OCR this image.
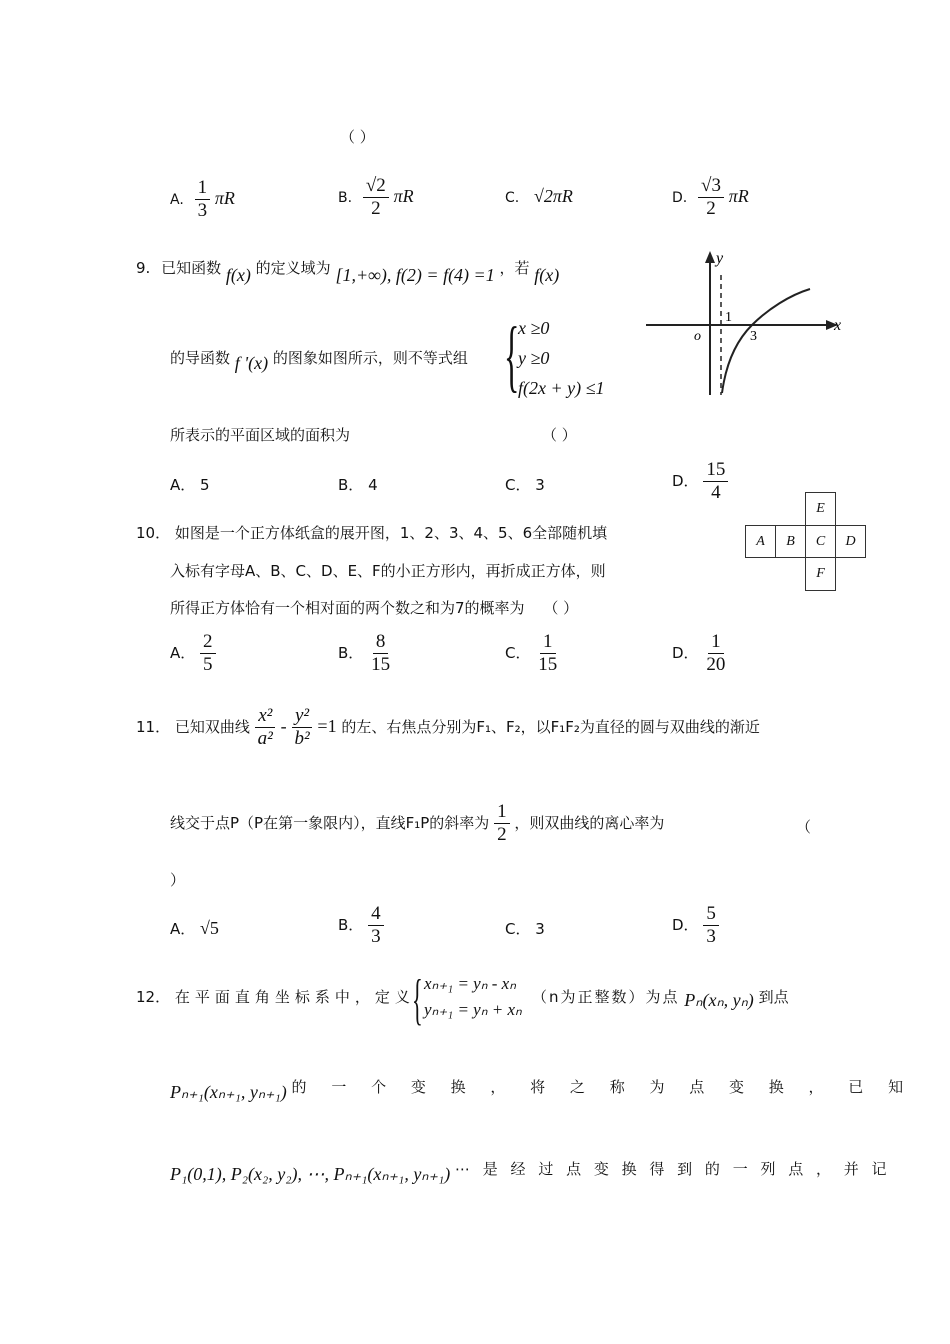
（ ）
A. $\frac{1}{3}$ πR	B. $\frac{√2}{2}$ πR	C. √2πR	D. $\frac{√3}{2}$ πR
9. 已知函数 f(x) 的定义域为 [1,+∞), f(2) = f(4) =1 ，若 f(x)
的导函数 f '(x) 的图象如图所示，则不等式组 {
x ≥0
y ≥0
f(2x + y) ≤1
所表示的平面区域的面积为	（ ）
y
x
o
1
3
A． 5	B． 4	C． 3	D． $\frac{15}{4}$
10． 如图是一个正方体纸盒的展开图，1、2、3、4、5、6全部随机填
入标有字母A、B、C、D、E、F的小正方形内，再折成正方体，则
所得正方体恰有一个相对面的两个数之和为7的概率为 （ ）
E
A	B	C	D
F
A． $\frac{2}{5}$	B． $\frac{8}{15}$	C． $\frac{1}{15}$	D． $\frac{1}{20}$
11． 已知双曲线 $\frac{\text{x²}}{\text{a²}} - \frac{\text{y²}}{\text{b²}} =1$ 的左、右焦点分别为F₁、F₂，以F₁F₂为直径的圆与双曲线的渐近
线交于点P（P在第一象限内），直线F₁P的斜率为 $\frac{1}{2}$ ，则双曲线的离心率为	（
）
A． √5	B． $\frac{4}{3}$	C． 3	D． $\frac{5}{3}$
12． 在平面直角坐标系中，定义
{ xₙ₊₁ = yₙ - xₙ
yₙ₊₁ = yₙ + xₙ
（n为正整数）为点 Pₙ(xₙ, yₙ) 到点
Pₙ₊₁(xₙ₊₁, yₙ₊₁) 的 一 个 变 换 ， 将 之 称 为 点 变 换 ， 已 知
P₁(0,1), P₂(x₂, y₂), ⋯, Pₙ₊₁(xₙ₊₁, yₙ₊₁) ⋯ 是 经 过 点 变 换 得 到 的 一 列 点 ， 并 记
